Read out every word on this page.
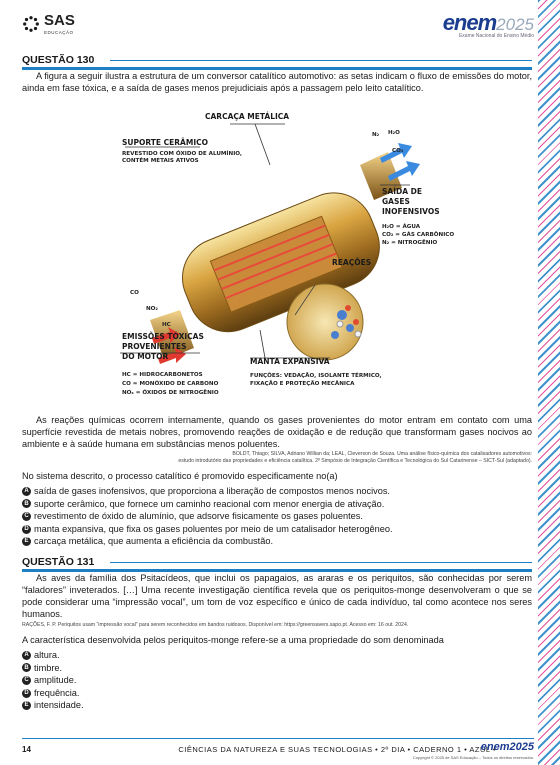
SAS
EDUCAÇÃO	enem2025
Exame Nacional do Ensino Médio
QUESTÃO 130
A figura a seguir ilustra a estrutura de um conversor catalítico automotivo: as setas indicam o fluxo de emissões do motor, ainda em fase tóxica, e a saída de gases menos prejudiciais após a passagem pelo leito catalítico.
CARCAÇA METÁLICA
SUPORTE CERÂMICO
REVESTIDO COM ÓXIDO DE ALUMÍNIO,
CONTÉM METAIS ATIVOS
N₂ H₂O
CO₂
SAÍDA DE
GASES
INOFENSIVOS
H₂O = ÁGUA
CO₂ = GÁS CARBÔNICO
N₂ = NITROGÊNIO
REAÇÕES
CO
NO₂
HC
EMISSÕES TÓXICAS
PROVENIENTES
DO MOTOR
HC = HIDROCARBONETOS
CO = MONÓXIDO DE CARBONO
NOₓ = ÓXIDOS DE NITROGÊNIO
MANTA EXPANSIVA
FUNÇÕES: VEDAÇÃO, ISOLANTE TÉRMICO,
FIXAÇÃO E PROTEÇÃO MECÂNICA
As reações químicas ocorrem internamente, quando os gases provenientes do motor entram em contato com uma superfície revestida de metais nobres, promovendo reações de oxidação e de redução que transformam gases nocivos ao ambiente e à saúde humana em substâncias menos poluentes.
BOLDT, Thiago; SILVA, Adriano Willian da; LEAL, Cleverson de Souza. Uma análise físico-química dos catalisadores automotivos:
estudo introdutório das propriedades e eficiência catalítica. 2º Simpósio de Integração Científica e Tecnológica do Sul Catarinense – SICT-Sul (adaptado).
No sistema descrito, o processo catalítico é promovido especificamente no(a)
A saída de gases inofensivos, que proporciona a liberação de compostos menos nocivos.
B suporte cerâmico, que fornece um caminho reacional com menor energia de ativação.
C revestimento de óxido de alumínio, que adsorve fisicamente os gases poluentes.
D manta expansiva, que fixa os gases poluentes por meio de um catalisador heterogêneo.
E carcaça metálica, que aumenta a eficiência da combustão.
QUESTÃO 131
As aves da família dos Psitacídeos, que inclui os papagaios, as araras e os periquitos, são conhecidas por serem “faladores” inveterados. […] Uma recente investigação científica revela que os periquitos-monge desenvolveram o que se pode considerar uma “impressão vocal”, um tom de voz específico e único de cada indivíduo, tal como acontece nos seres humanos.
RAÇÕES, F. P. Periquitos usam “impressão vocal” para serem reconhecidos em bandos ruidosos. Disponível em: https://greensavers.sapo.pt. Acesso em: 16 out. 2024.
A característica desenvolvida pelos periquitos-monge refere-se a uma propriedade do som denominada
A altura.
B timbre.
C amplitude.
D frequência.
E intensidade.
14	CIÊNCIAS DA NATUREZA E SUAS TECNOLOGIAS • 2º DIA • CADERNO 1 • AZUL •
enem2025
Copyright © 2025 de SAS Educação – Todos os direitos reservados.
